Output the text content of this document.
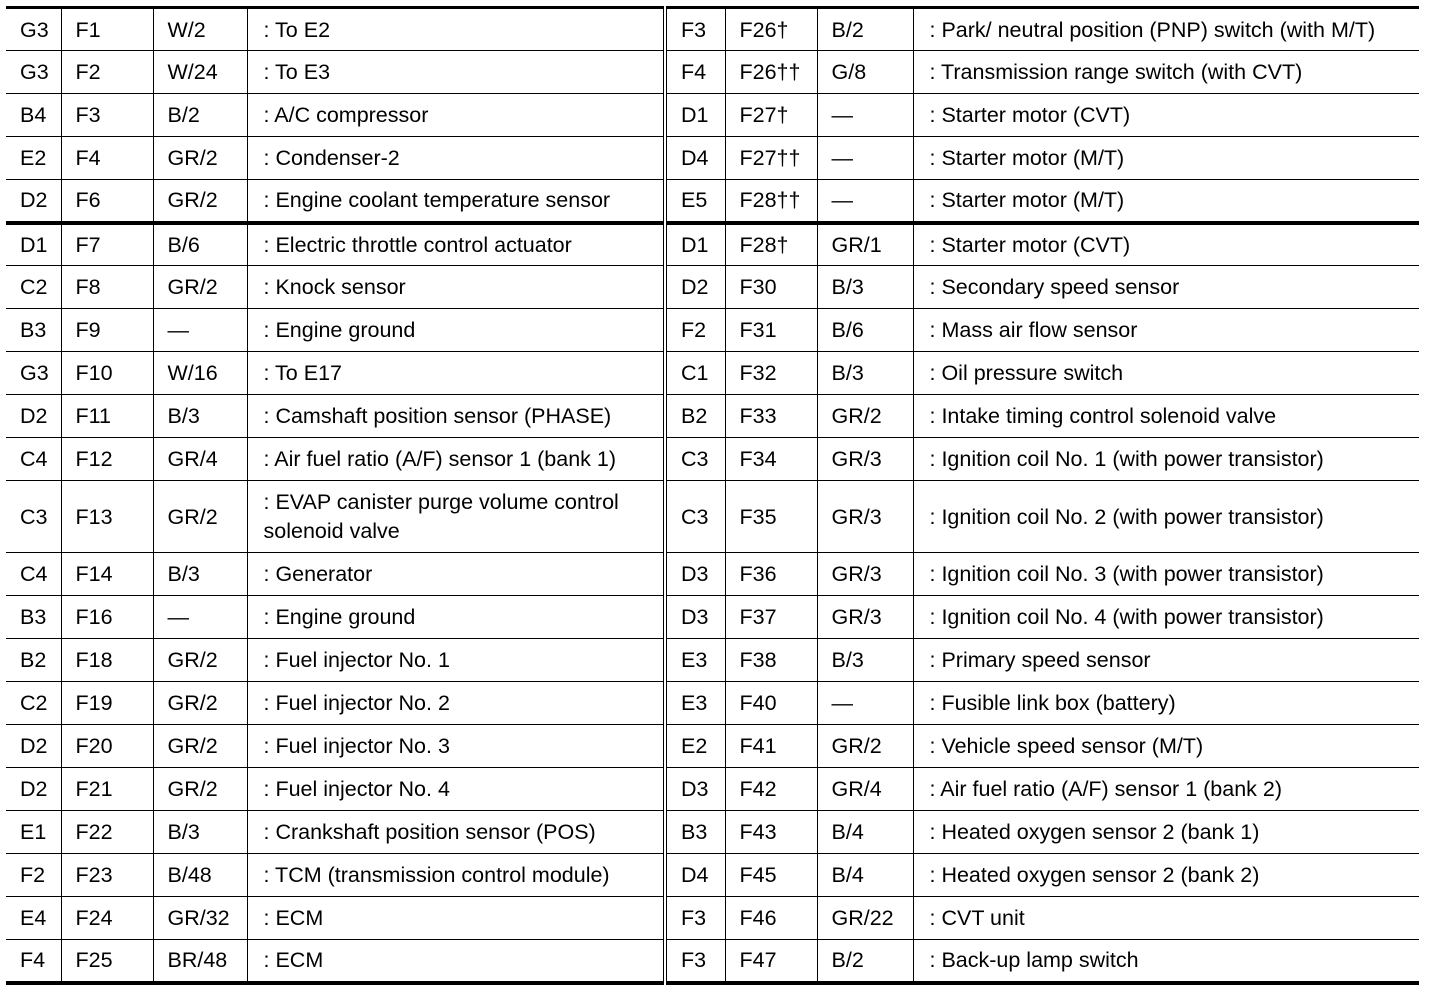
G3	F1	W/2	: To E2	F3	F26†	B/2	: Park/ neutral position (PNP) switch (with M/T)
G3	F2	W/24	: To E3	F4	F26††	G/8	: Transmission range switch (with CVT)
B4	F3	B/2	: A/C compressor	D1	F27†	—	: Starter motor (CVT)
E2	F4	GR/2	: Condenser-2	D4	F27††	—	: Starter motor (M/T)
D2	F6	GR/2	: Engine coolant temperature sensor	E5	F28††	—	: Starter motor (M/T)
D1	F7	B/6	: Electric throttle control actuator	D1	F28†	GR/1	: Starter motor (CVT)
C2	F8	GR/2	: Knock sensor	D2	F30	B/3	: Secondary speed sensor
B3	F9	—	: Engine ground	F2	F31	B/6	: Mass air flow sensor
G3	F10	W/16	: To E17	C1	F32	B/3	: Oil pressure switch
D2	F11	B/3	: Camshaft position sensor (PHASE)	B2	F33	GR/2	: Intake timing control solenoid valve
C4	F12	GR/4	: Air fuel ratio (A/F) sensor 1 (bank 1)	C3	F34	GR/3	: Ignition coil No. 1 (with power transistor)
C3	F13	GR/2	: EVAP canister purge volume control solenoid valve	C3	F35	GR/3	: Ignition coil No. 2 (with power transistor)
C4	F14	B/3	: Generator	D3	F36	GR/3	: Ignition coil No. 3 (with power transistor)
B3	F16	—	: Engine ground	D3	F37	GR/3	: Ignition coil No. 4 (with power transistor)
B2	F18	GR/2	: Fuel injector No. 1	E3	F38	B/3	: Primary speed sensor
C2	F19	GR/2	: Fuel injector No. 2	E3	F40	—	: Fusible link box (battery)
D2	F20	GR/2	: Fuel injector No. 3	E2	F41	GR/2	: Vehicle speed sensor (M/T)
D2	F21	GR/2	: Fuel injector No. 4	D3	F42	GR/4	: Air fuel ratio (A/F) sensor 1 (bank 2)
E1	F22	B/3	: Crankshaft position sensor (POS)	B3	F43	B/4	: Heated oxygen sensor 2 (bank 1)
F2	F23	B/48	: TCM (transmission control module)	D4	F45	B/4	: Heated oxygen sensor 2 (bank 2)
E4	F24	GR/32	: ECM	F3	F46	GR/22	: CVT unit
F4	F25	BR/48	: ECM	F3	F47	B/2	: Back-up lamp switch
